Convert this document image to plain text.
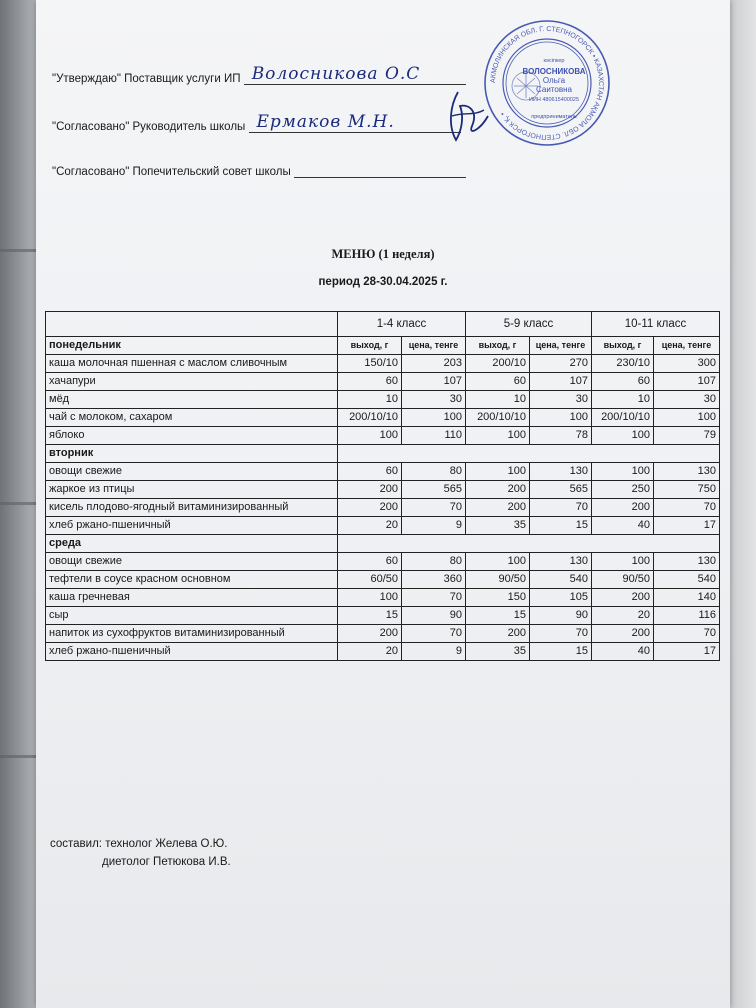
"Утверждаю" Поставщик услуги ИП Волосникова О.С
"Согласовано" Руководитель школы Ермаков М.Н.
"Согласовано" Попечительский совет школы
АКМОЛИНСКАЯ ОБЛ. Г. СТЕПНОГОРСК • КАЗАХСТАН АҚМОЛА ОБЛ. СТЕПНОГОРСК Қ. •
кәсіпкер
ВОЛОСНИКОВА
Ольга
Саитовна
ИИН 480615400025
предприниматель
МЕНЮ (1 неделя)
период 28-30.04.2025 г.
	1-4 класс		5-9 класс		10-11 класс	
понедельник	выход, г	цена, тенге	выход, г	цена, тенге	выход, г	цена, тенге
каша молочная пшенная с маслом сливочным	150/10	203	200/10	270	230/10	300
хачапури	60	107	60	107	60	107
мёд	10	30	10	30	10	30
чай с молоком, сахаром	200/10/10	100	200/10/10	100	200/10/10	100
яблоко	100	110	100	78	100	79
вторник						
овощи свежие	60	80	100	130	100	130
жаркое из птицы	200	565	200	565	250	750
кисель плодово-ягодный витаминизированный	200	70	200	70	200	70
хлеб ржано-пшеничный	20	9	35	15	40	17
среда						
овощи свежие	60	80	100	130	100	130
тефтели в соусе красном основном	60/50	360	90/50	540	90/50	540
каша гречневая	100	70	150	105	200	140
сыр	15	90	15	90	20	116
напиток из сухофруктов витаминизированный	200	70	200	70	200	70
хлеб ржано-пшеничный	20	9	35	15	40	17
составил: технолог Желева О.Ю.
диетолог Петюкова И.В.
